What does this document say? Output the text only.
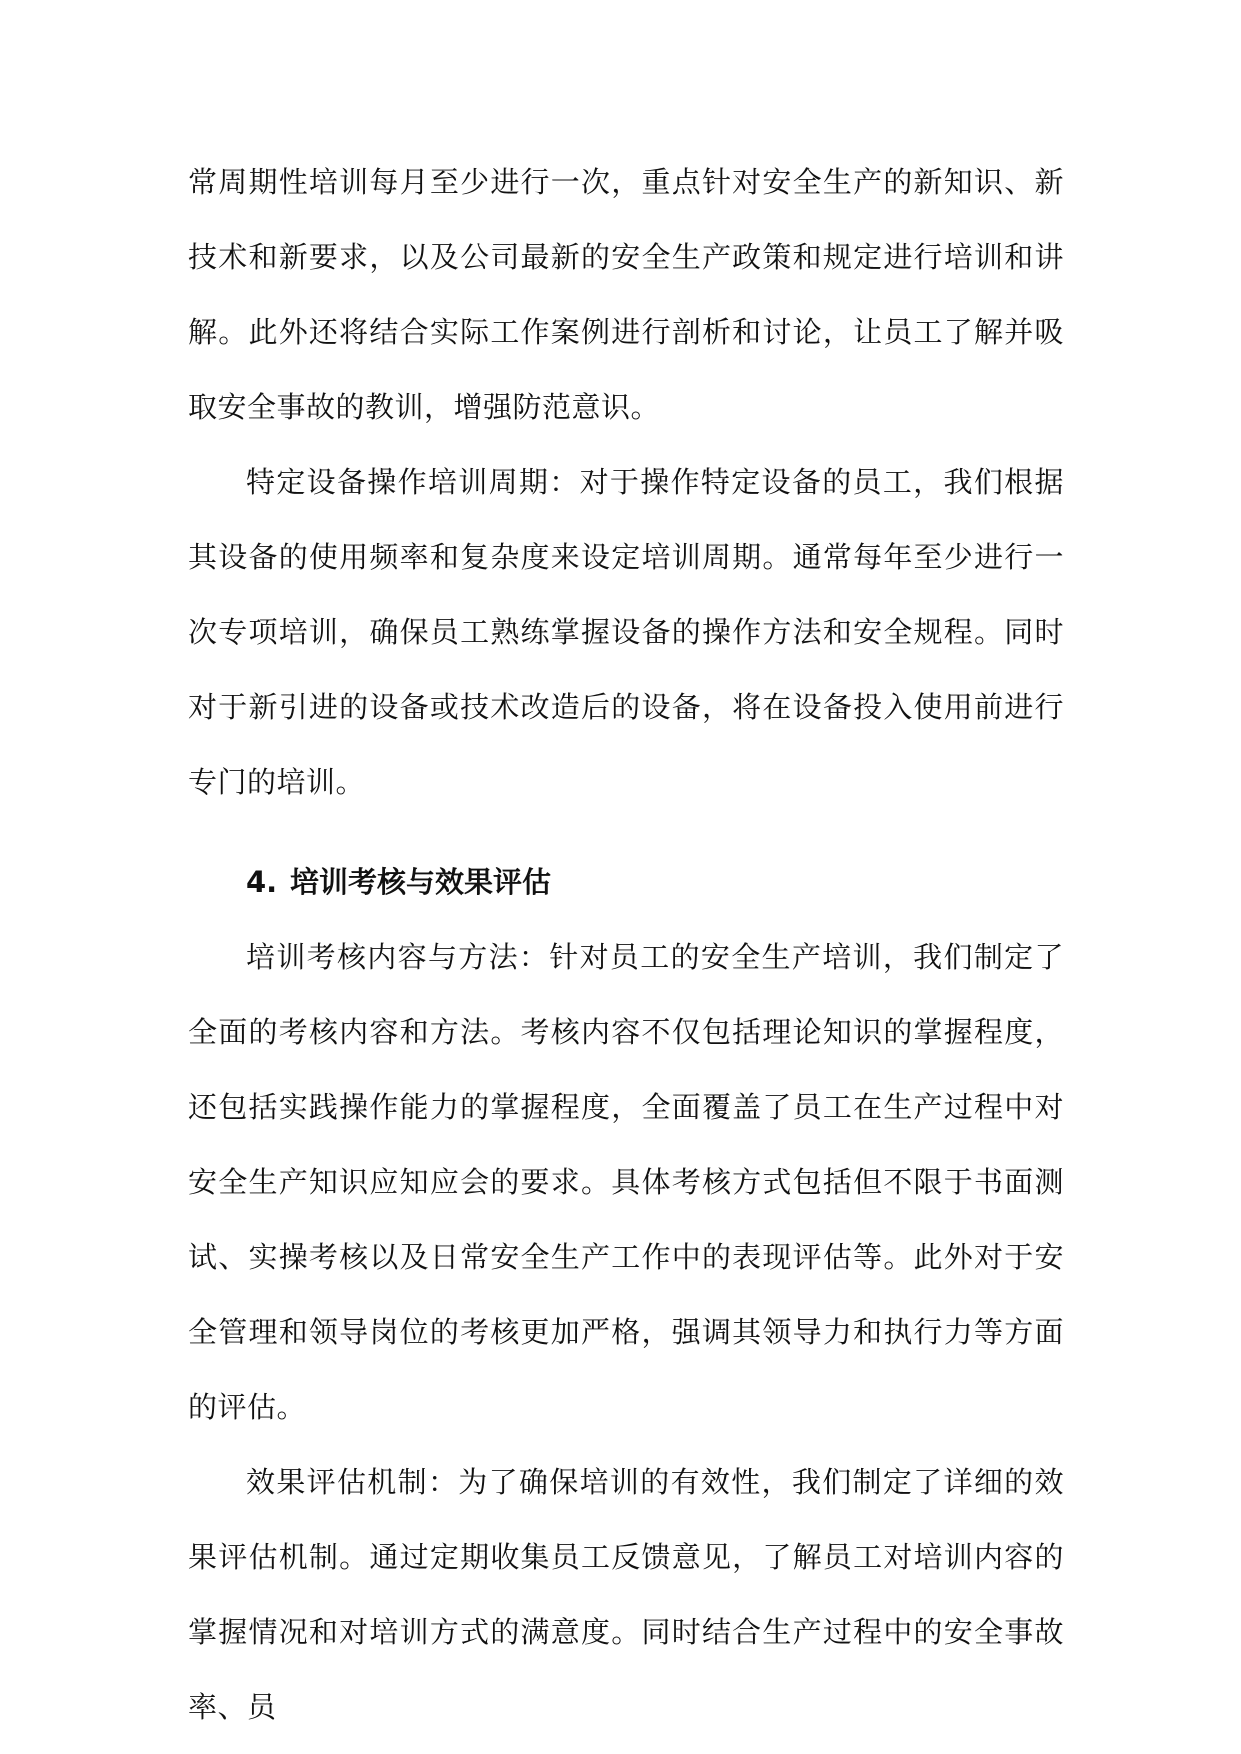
常周期性培训每月至少进行一次，重点针对安全生产的新知识、新技术和新要求，以及公司最新的安全生产政策和规定进行培训和讲解。此外还将结合实际工作案例进行剖析和讨论，让员工了解并吸取安全事故的教训，增强防范意识。

特定设备操作培训周期：对于操作特定设备的员工，我们根据其设备的使用频率和复杂度来设定培训周期。通常每年至少进行一次专项培训，确保员工熟练掌握设备的操作方法和安全规程。同时对于新引进的设备或技术改造后的设备，将在设备投入使用前进行专门的培训。

4. 培训考核与效果评估

培训考核内容与方法：针对员工的安全生产培训，我们制定了全面的考核内容和方法。考核内容不仅包括理论知识的掌握程度，还包括实践操作能力的掌握程度，全面覆盖了员工在生产过程中对安全生产知识应知应会的要求。具体考核方式包括但不限于书面测试、实操考核以及日常安全生产工作中的表现评估等。此外对于安全管理和领导岗位的考核更加严格，强调其领导力和执行力等方面的评估。

效果评估机制：为了确保培训的有效性，我们制定了详细的效果评估机制。通过定期收集员工反馈意见，了解员工对培训内容的掌握情况和对培训方式的满意度。同时结合生产过程中的安全事故率、员
